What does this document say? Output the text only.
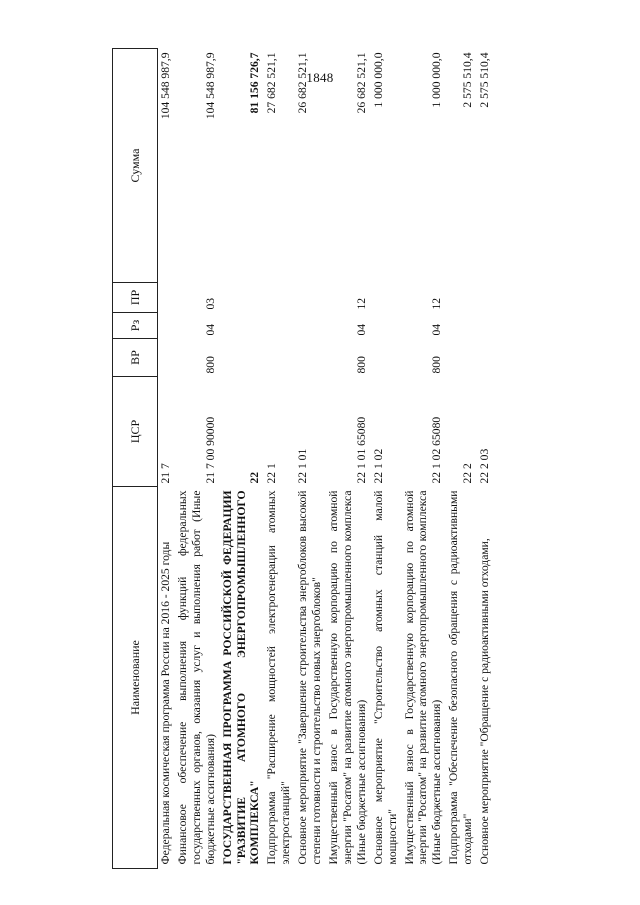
1848
Наименование	ЦСР	ВР	Рз	ПР	Сумма
Федеральная космическая программа России на 2016 - 2025 годы	21 7				104 548 987,9
Финансовое обеспечение выполнения функций федеральных государственных органов, оказания услуг и выполнения работ (Иные бюджетные ассигнования)	21 7 00 90000	800	04	03	104 548 987,9
ГОСУДАРСТВЕННАЯ ПРОГРАММА РОССИЙСКОЙ ФЕДЕРАЦИИ "РАЗВИТИЕ АТОМНОГО ЭНЕРГОПРОМЫШЛЕННОГО КОМПЛЕКСА"	22				81 156 726,7
Подпрограмма "Расширение мощностей электрогенерации атомных электростанций"	22 1				27 682 521,1
Основное мероприятие "Завершение строительства энергоблоков высокой степени готовности и строительство новых энергоблоков"	22 1 01				26 682 521,1
Имущественный взнос в Государственную корпорацию по атомной энергии "Росатом" на развитие атомного энергопромышленного комплекса (Иные бюджетные ассигнования)	22 1 01 65080	800	04	12	26 682 521,1
Основное мероприятие "Строительство атомных станций малой мощности"	22 1 02				1 000 000,0
Имущественный взнос в Государственную корпорацию по атомной энергии "Росатом" на развитие атомного энергопромышленного комплекса (Иные бюджетные ассигнования)	22 1 02 65080	800	04	12	1 000 000,0
Подпрограмма "Обеспечение безопасного обращения с радиоактивными отходами"	22 2				2 575 510,4
Основное мероприятие "Обращение с радиоактивными отходами,	22 2 03				2 575 510,4
